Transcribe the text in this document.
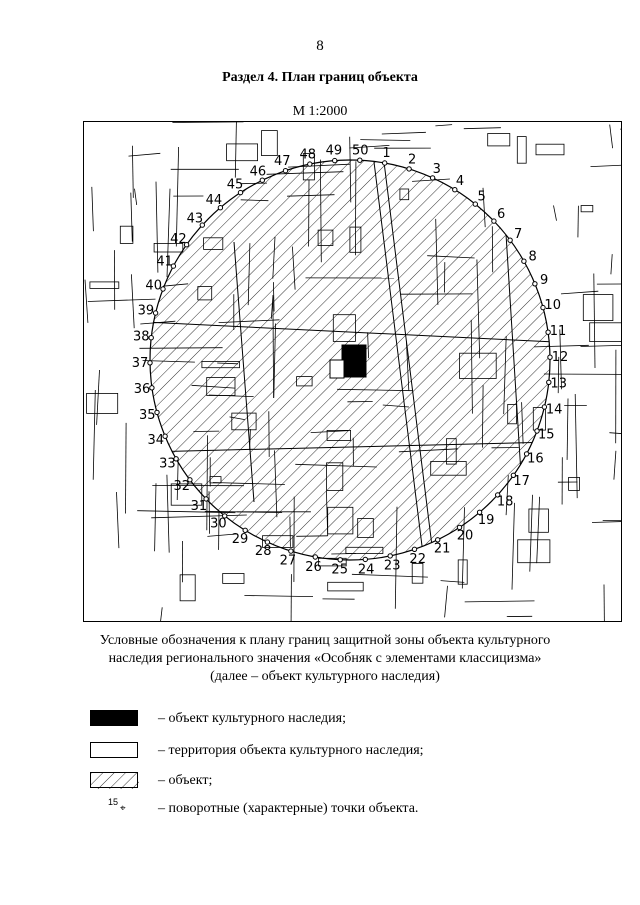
8
Раздел 4. План границ объекта
М 1:2000
1 2
3
4
5
6
7
8
9
10
11
12
13
14
15
16
17
18
19
20
21
22
23
24
25
26
27
28
29
30
31
32
33
34
35
36
37
38
39
40
41
42
43
44
45
46
47 48 49 50
Условные обозначения к плану границ защитной зоны объекта культурного наследия регионального значения «Особняк с элементами классицизма» (далее – объект культурного наследия)
– объект культурного наследия;
– территория объекта культурного наследия;
– объект;
15
⌖ – поворотные (характерные) точки объекта.
